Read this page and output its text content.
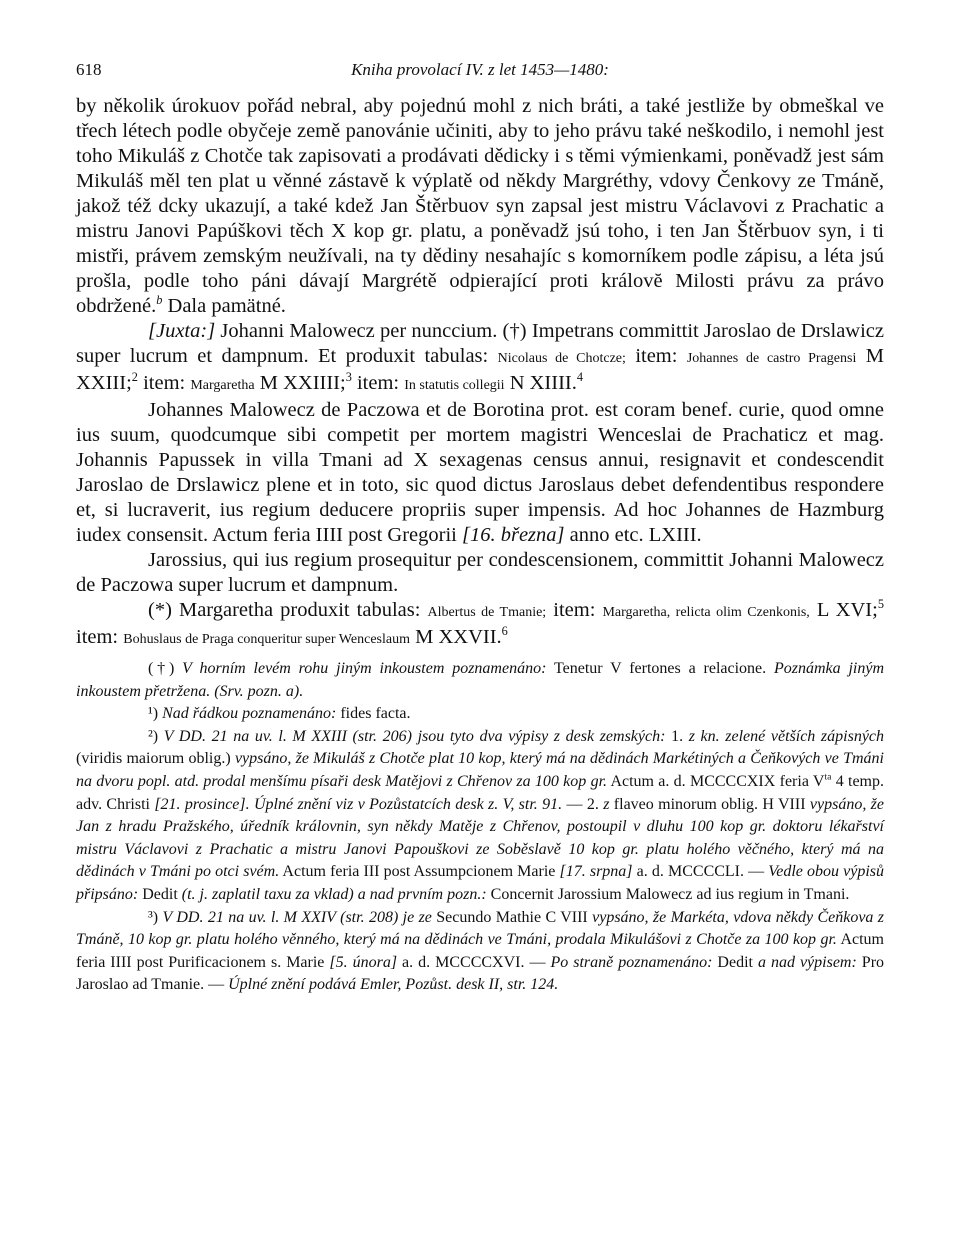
618	Kniha provolací IV. z let 1453—1480:

by několik úrokuov pořád nebral, aby pojednú mohl z nich bráti, a také jestliže by obmeškal ve třech létech podle obyčeje země panovánie učiniti, aby to jeho právu také neškodilo, i nemohl jest toho Mikuláš z Chotče tak zapisovati a prodávati dědicky i s těmi výmienkami, poněvadž jest sám Mikuláš měl ten plat u věnné zástavě k výplatě od někdy Margréthy, vdovy Čenkovy ze Tmáně, jakož též dcky ukazují, a také kdež Jan Štěrbuov syn zapsal jest mistru Václavovi z Prachatic a mistru Janovi Papúškovi těch X kop gr. platu, a poněvadž jsú toho, i ten Jan Štěrbuov syn, i ti mistři, právem zemským neužívali, na ty dědiny nesahajíc s komorníkem podle zápisu, a léta jsú prošla, podle toho páni dávají Margrétě odpierající proti královĕ Milosti právu za právo obdržené.$^b$ Dala pamätné.

[Juxta:] Johanni Malowecz per nunccium. (†) Impetrans committit Jaroslao de Drslawicz super lucrum et dampnum. Et produxit tabulas: Nicolaus de Chotcze; item: Johannes de castro Pragensi M XXIII;$^2$ item: Margaretha M XXIIII;$^3$ item: In statutis collegii N XIIII.$^4$

Johannes Malowecz de Paczowa et de Borotina prot. est coram benef. curie, quod omne ius suum, quodcumque sibi competit per mortem magistri Wenceslai de Prachaticz et mag. Johannis Papussek in villa Tmani ad X sexagenas census annui, resignavit et condescendit Jaroslao de Drslawicz plene et in toto, sic quod dictus Jaroslaus debet defendentibus respondere et, si lucraverit, ius regium deducere propriis super impensis. Ad hoc Johannes de Hazmburg iudex consensit. Actum feria IIII post Gregorii [16. března] anno etc. LXIII.

Jarossius, qui ius regium prosequitur per condescensionem, committit Johanni Malowecz de Paczowa super lucrum et dampnum.

(*) Margaretha produxit tabulas: Albertus de Tmanie; item: Margaretha, relicta olim Czenkonis, L XVI;$^5$ item: Bohuslaus de Praga conqueritur super Wenceslaum M XXVII.$^6$

(†) V horním levém rohu jiným inkoustem poznamenáno: Tenetur V fertones a relacione. Poznámka jiným inkoustem přetržena. (Srv. pozn. a).

¹) Nad řádkou poznamenáno: fides facta.

²) V DD. 21 na uv. l. M XXIII (str. 206) jsou tyto dva výpisy z desk zemských: 1. z kn. zelené větších zápisných (viridis maiorum oblig.) vypsáno, že Mikuláš z Chotče plat 10 kop, který má na dědinách Markétiných a Čeňkových ve Tmáni na dvoru popl. atd. prodal menšímu písaři desk Matějovi z Chřenov za 100 kop gr. Actum a. d. MCCCCXIX feria $V^{ta}$ 4 temp. adv. Christi [21. prosince]. Úplné znění viz v Pozůstatcích desk z. V, str. 91. — 2. z flaveo minorum oblig. H VIII vypsáno, že Jan z hradu Pražského, úředník královnin, syn někdy Matěje z Chřenov, postoupil v dluhu 100 kop gr. doktoru lékařství mistru Václavovi z Prachatic a mistru Janovi Papouškovi ze Soběslavě 10 kop gr. platu holého věčného, který má na dědinách v Tmáni po otci svém. Actum feria III post Assumpcionem Marie [17. srpna] a. d. MCCCCLI. — Vedle obou výpisů připsáno: Dedit (t. j. zaplatil taxu za vklad) a nad prvním pozn.: Concernit Jarossium Malowecz ad ius regium in Tmani.

³) V DD. 21 na uv. l. M XXIV (str. 208) je ze Secundo Mathie C VIII vypsáno, že Markéta, vdova někdy Čeňkova z Tmáně, 10 kop gr. platu holého věnného, který má na dědinách ve Tmáni, prodala Mikulášovi z Chotče za 100 kop gr. Actum feria IIII post Purificacionem s. Marie [5. února] a. d. MCCCCXVI. — Po straně poznamenáno: Dedit a nad výpisem: Pro Jaroslao ad Tmanie. — Úplné znění podává Emler, Pozůst. desk II, str. 124.
